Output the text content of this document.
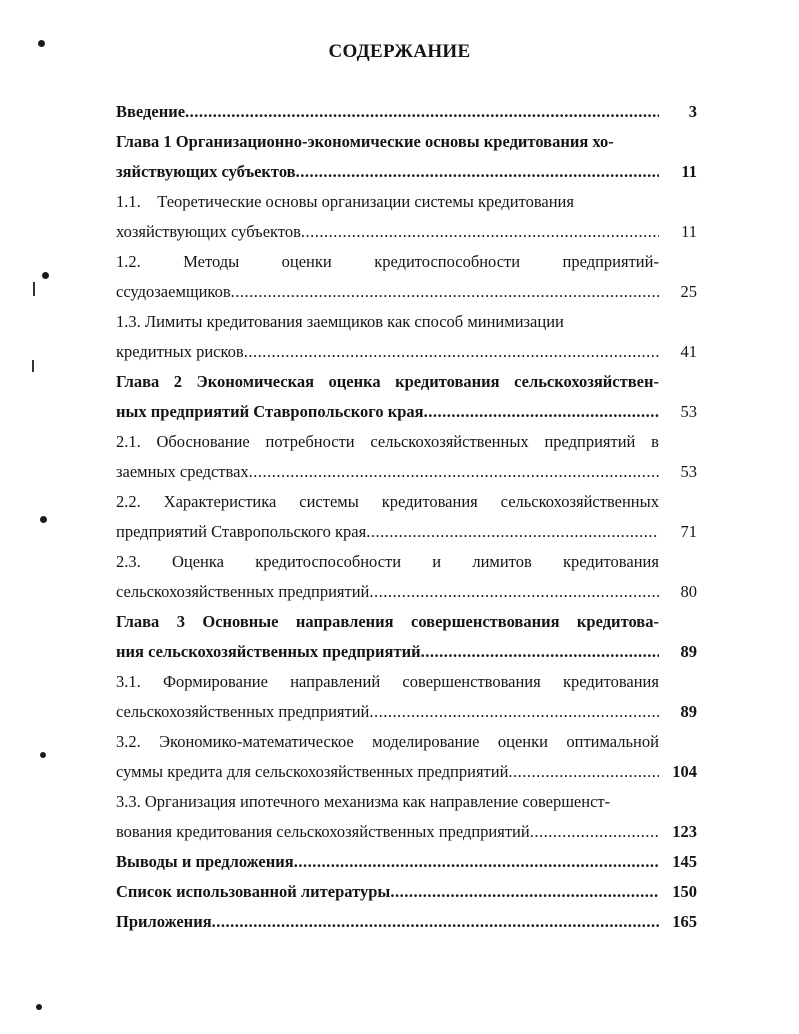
СОДЕРЖАНИЕ
Введение .....	3
Глава 1 Организационно-экономические основы кредитования хо-
зяйствующих субъектов .....	11
1.1.    Теоретические основы организации системы кредитования
хозяйствующих субъектов .....	11
1.2.	Методы	оценки	кредитоспособности	предприятий-
ссудозаемщиков .....	25
1.3. Лимиты кредитования заемщиков как способ минимизации
кредитных рисков .....	41
Глава 2 Экономическая оценка кредитования сельскохозяйствен-
ных предприятий Ставропольского края .....	53
2.1. Обоснование потребности сельскохозяйственных предприятий в
заемных средствах .....	53
2.2. Характеристика системы кредитования сельскохозяйственных
предприятий Ставропольского края .....	71
2.3. Оценка кредитоспособности и лимитов кредитования
сельскохозяйственных предприятий .....	80
Глава 3 Основные направления совершенствования кредитова-
ния сельскохозяйственных предприятий .....	89
3.1. Формирование направлений совершенствования кредитования
сельскохозяйственных предприятий .....	89
3.2. Экономико-математическое моделирование оценки оптимальной
суммы кредита для сельскохозяйственных предприятий .....	104
3.3. Организация ипотечного механизма как направление совершенст-
вования кредитования сельскохозяйственных предприятий .....	123
Выводы и предложения .....	145
Список использованной литературы .....	150
Приложения .....	165
